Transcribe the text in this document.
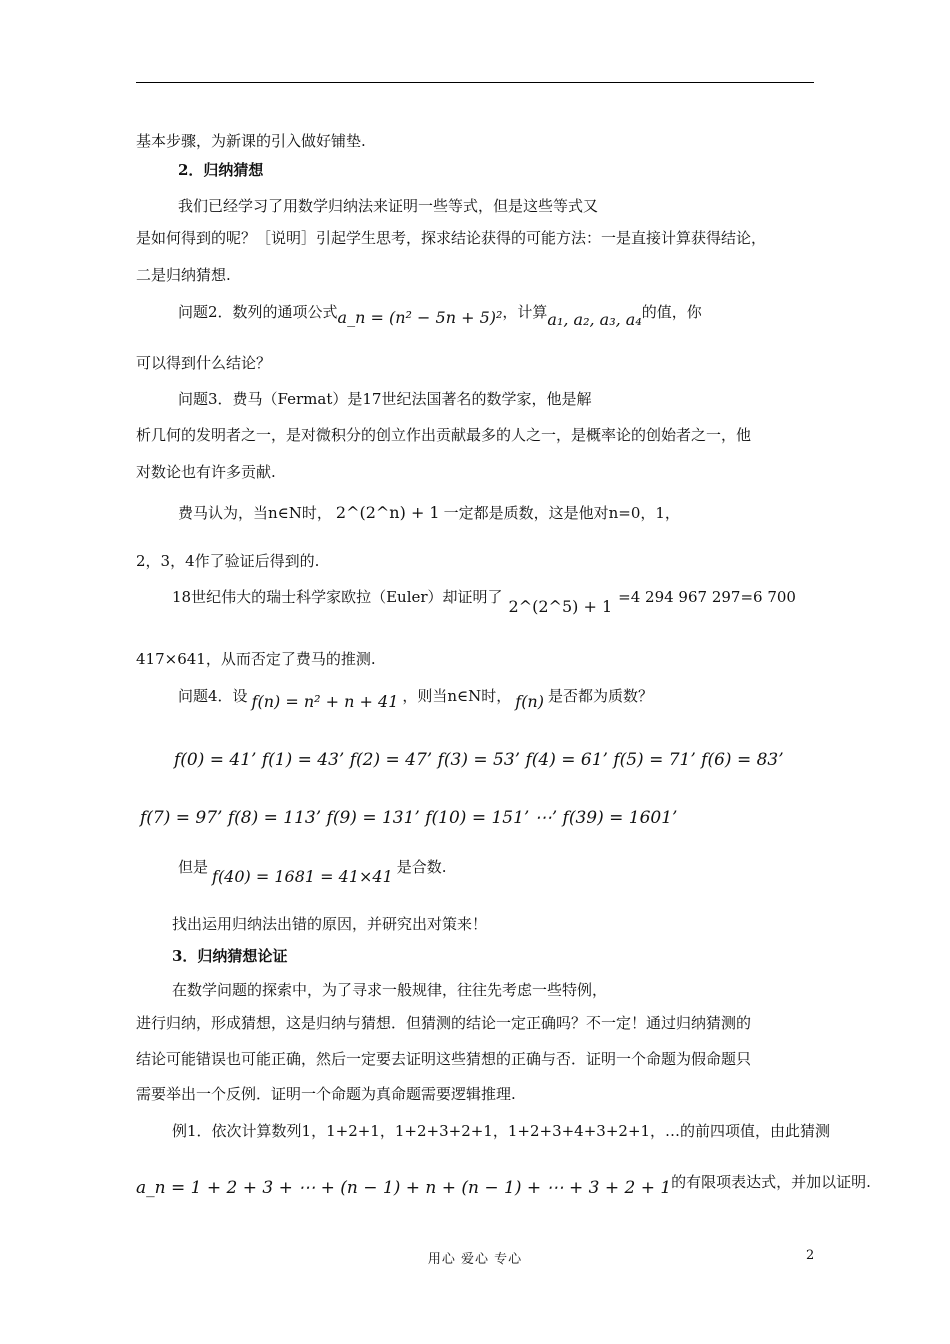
基本步骤，为新课的引入做好铺垫.
2．归纳猜想
我们已经学习了用数学归纳法来证明一些等式，但是这些等式又
是如何得到的呢？［说明］引起学生思考，探求结论获得的可能方法：一是直接计算获得结论，
二是归纳猜想.
问题2．数列的通项公式a_n = (n² − 5n + 5)²，计算a₁, a₂, a₃, a₄的值，你
可以得到什么结论？
问题3．费马（Fermat）是17世纪法国著名的数学家，他是解
析几何的发明者之一，是对微积分的创立作出贡献最多的人之一，是概率论的创始者之一，他
对数论也有许多贡献.
费马认为，当n∈N时， 2^(2^n) + 1 一定都是质数，这是他对n=0，1，
2，3，4作了验证后得到的.
18世纪伟大的瑞士科学家欧拉（Euler）却证明了 2^(2^5) + 1 =4 294 967 297=6 700
417×641，从而否定了费马的推测.
问题4．设 f(n) = n² + n + 41 ，则当n∈N时， f(n) 是否都为质数？
f(0) = 41’ f(1) = 43’ f(2) = 47’ f(3) = 53’ f(4) = 61’ f(5) = 71’ f(6) = 83’
f(7) = 97’ f(8) = 113’ f(9) = 131’ f(10) = 151’ ⋯’ f(39) = 1601’
但是 f(40) = 1681 = 41×41 是合数.
找出运用归纳法出错的原因，并研究出对策来！
3．归纳猜想论证
在数学问题的探索中，为了寻求一般规律，往往先考虑一些特例，
进行归纳，形成猜想，这是归纳与猜想．但猜测的结论一定正确吗？不一定！通过归纳猜测的
结论可能错误也可能正确，然后一定要去证明这些猜想的正确与否．证明一个命题为假命题只
需要举出一个反例．证明一个命题为真命题需要逻辑推理.
例1．依次计算数列1，1+2+1，1+2+3+2+1，1+2+3+4+3+2+1，…的前四项值，由此猜测
a_n = 1 + 2 + 3 + ⋯ + (n − 1) + n + (n − 1) + ⋯ + 3 + 2 + 1的有限项表达式，并加以证明.
用心 爱心 专心	2
